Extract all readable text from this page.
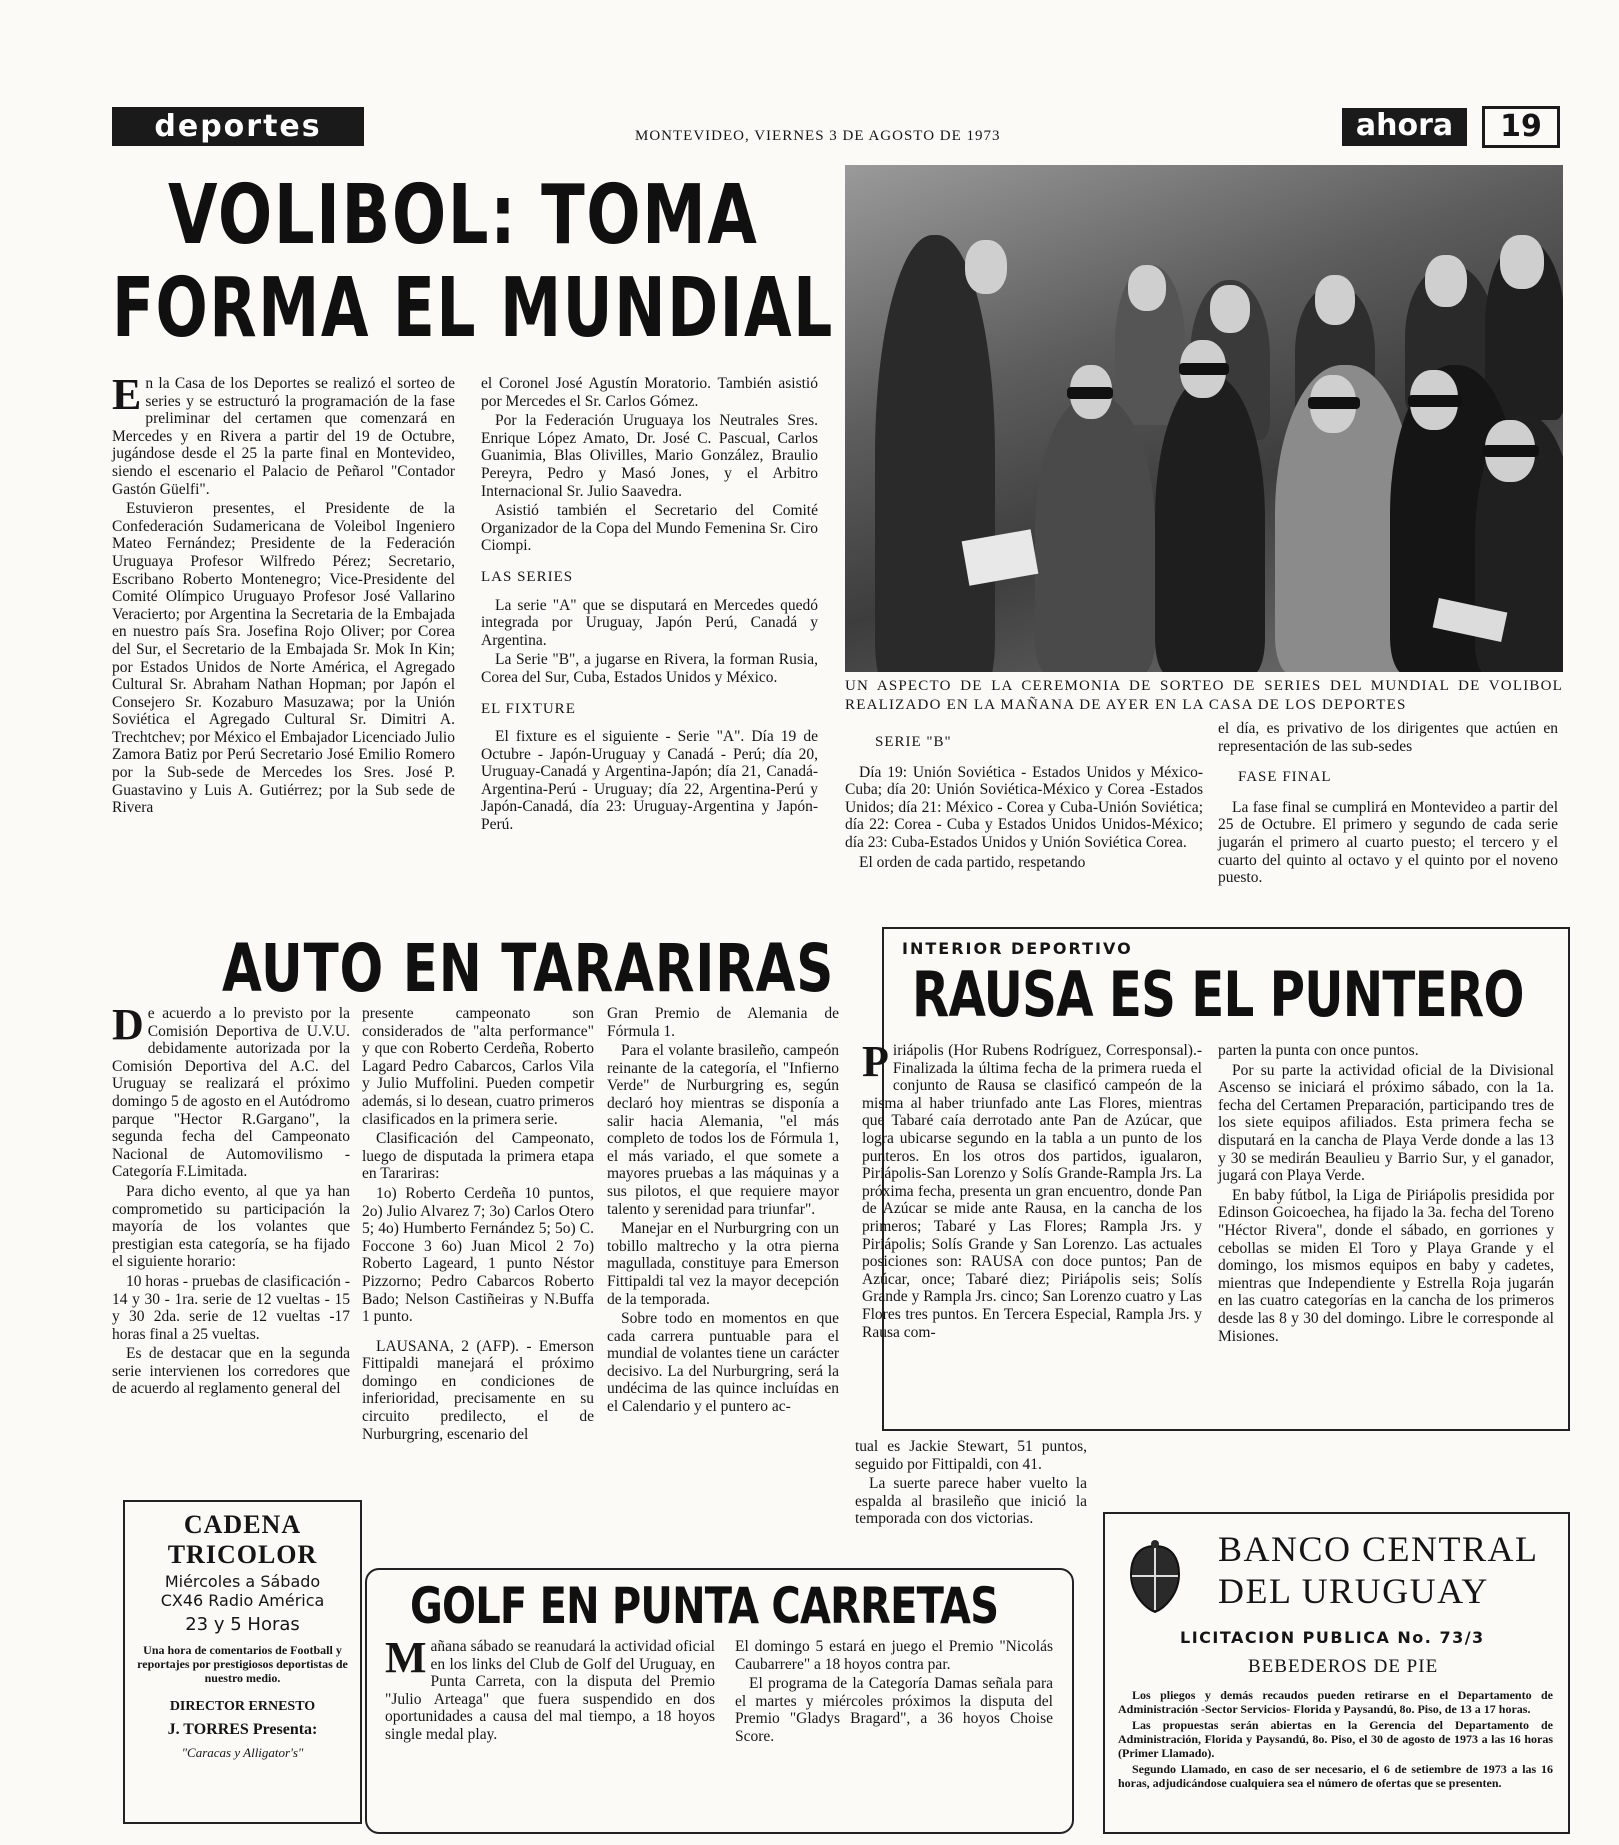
deportes	MONTEVIDEO, VIERNES 3 DE AGOSTO DE 1973	ahora	19
VOLIBOL: TOMA
FORMA EL MUNDIAL
E n la Casa de los Deportes se realizó el sorteo de series y se estructuró la programación de la fase preliminar del certamen que comenzará en Mercedes y en Rivera a partir del 19 de Octubre, jugándose desde el 25 la parte final en Montevideo, siendo el escenario el Palacio de Peñarol "Contador Gastón Güelfi".

Estuvieron presentes, el Presidente de la Confederación Sudamericana de Voleibol Ingeniero Mateo Fernández; Presidente de la Federación Uruguaya Profesor Wilfredo Pérez; Secretario, Escribano Roberto Montenegro; Vice-Presidente del Comité Olímpico Uruguayo Profesor José Vallarino Veracierto; por Argentina la Secretaria de la Embajada en nuestro país Sra. Josefina Rojo Oliver; por Corea del Sur, el Secretario de la Embajada Sr. Mok In Kin; por Estados Unidos de Norte América, el Agregado Cultural Sr. Abraham Nathan Hopman; por Japón el Consejero Sr. Kozaburo Masuzawa; por la Unión Soviética el Agregado Cultural Sr. Dimitri A. Trechtchev; por México el Embajador Licenciado Julio Zamora Batiz por Perú Secretario José Emilio Romero por la Sub-sede de Mercedes los Sres. José P. Guastavino y Luis A. Gutiérrez; por la Sub sede de Rivera

el Coronel José Agustín Moratorio. También asistió por Mercedes el Sr. Carlos Gómez.

Por la Federación Uruguaya los Neutrales Sres. Enrique López Amato, Dr. José C. Pascual, Carlos Guanimia, Blas Olivilles, Mario González, Braulio Pereyra, Pedro y Masó Jones, y el Arbitro Internacional Sr. Julio Saavedra.

Asistió también el Secretario del Comité Organizador de la Copa del Mundo Femenina Sr. Ciro Ciompi.

LAS SERIES

La serie "A" que se disputará en Mercedes quedó integrada por Uruguay, Japón Perú, Canadá y Argentina.

La Serie "B", a jugarse en Rivera, la forman Rusia, Corea del Sur, Cuba, Estados Unidos y México.

EL FIXTURE

El fixture es el siguiente - Serie "A". Día 19 de Octubre - Japón-Uruguay y Canadá - Perú; día 20, Uruguay-Canadá y Argentina-Japón; día 21, Canadá-Argentina-Perú - Uruguay; día 22, Argentina-Perú y Japón-Canadá, día 23: Uruguay-Argentina y Japón-Perú.

UN ASPECTO DE LA CEREMONIA DE SORTEO DE SERIES DEL MUNDIAL DE VOLIBOL REALIZADO EN LA MAÑANA DE AYER EN LA CASA DE LOS DEPORTES
SERIE "B"

Día 19: Unión Soviética - Estados Unidos y México-Cuba; día 20: Unión Soviética-México y Corea -Estados Unidos; día 21: México - Corea y Cuba-Unión Soviética; día 22: Corea - Cuba y Estados Unidos Unidos-México; día 23: Cuba-Estados Unidos y Unión Soviética Corea.

El orden de cada partido, respetando

el día, es privativo de los dirigentes que actúen en representación de las sub-sedes

FASE FINAL

La fase final se cumplirá en Montevideo a partir del 25 de Octubre. El primero y segundo de cada serie jugarán el primero al cuarto puesto; el tercero y el cuarto del quinto al octavo y el quinto por el noveno puesto.

AUTO EN TARARIRAS
D e acuerdo a lo previsto por la Comisión Deportiva de U.V.U. debidamente autorizada por la Comisión Deportiva del A.C. del Uruguay se realizará el próximo domingo 5 de agosto en el Autódromo parque "Hector R.Gargano", la segunda fecha del Campeonato Nacional de Automovilismo -Categoría F.Limitada.

Para dicho evento, al que ya han comprometido su participación la mayoría de los volantes que prestigian esta categoría, se ha fijado el siguiente horario:

10 horas - pruebas de clasificación - 14 y 30 - 1ra. serie de 12 vueltas - 15 y 30 2da. serie de 12 vueltas -17 horas final a 25 vueltas.

Es de destacar que en la segunda serie intervienen los corredores que de acuerdo al reglamento general del

presente campeonato son considerados de "alta performance" y que con Roberto Cerdeña, Roberto Lagard Pedro Cabarcos, Carlos Vila y Julio Muffolini. Pueden competir además, si lo desean, cuatro primeros clasificados en la primera serie.

Clasificación del Campeonato, luego de disputada la primera etapa en Tarariras:

1o) Roberto Cerdeña 10 puntos, 2o) Julio Alvarez 7; 3o) Carlos Otero 5; 4o) Humberto Fernández 5; 5o) C. Foccone 3 6o) Juan Micol 2 7o) Roberto Lageard, 1 punto Néstor Pizzorno; Pedro Cabarcos Roberto Bado; Nelson Castiñeiras y N.Buffa 1 punto.

LAUSANA, 2 (AFP). - Emerson Fittipaldi manejará el próximo domingo en condiciones de inferioridad, precisamente en su circuito predilecto, el de Nurburgring, escenario del

Gran Premio de Alemania de Fórmula 1.

Para el volante brasileño, campeón reinante de la categoría, el "Infierno Verde" de Nurburgring es, según declaró hoy mientras se disponía a salir hacia Alemania, "el más completo de todos los de Fórmula 1, el más variado, el que somete a mayores pruebas a las máquinas y a sus pilotos, el que requiere mayor talento y serenidad para triunfar".

Manejar en el Nurburgring con un tobillo maltrecho y la otra pierna magullada, constituye para Emerson Fittipaldi tal vez la mayor decepción de la temporada.

Sobre todo en momentos en que cada carrera puntuable para el mundial de volantes tiene un carácter decisivo. La del Nurburgring, será la undécima de las quince incluídas en el Calendario y el puntero ac-

tual es Jackie Stewart, 51 puntos, seguido por Fittipaldi, con 41.

La suerte parece haber vuelto la espalda al brasileño que inició la temporada con dos victorias.

INTERIOR DEPORTIVO
RAUSA ES EL PUNTERO
P iriápolis (Hor Rubens Rodríguez, Corresponsal).- Finalizada la última fecha de la primera rueda el conjunto de Rausa se clasificó campeón de la misma al haber triunfado ante Las Flores, mientras que Tabaré caía derrotado ante Pan de Azúcar, que logra ubicarse segundo en la tabla a un punto de los punteros. En los otros dos partidos, igualaron, Piriápolis-San Lorenzo y Solís Grande-Rampla Jrs. La próxima fecha, presenta un gran encuentro, donde Pan de Azúcar se mide ante Rausa, en la cancha de los primeros; Tabaré y Las Flores; Rampla Jrs. y Piriápolis; Solís Grande y San Lorenzo. Las actuales posiciones son: RAUSA con doce puntos; Pan de Azúcar, once; Tabaré diez; Piriápolis seis; Solís Grande y Rampla Jrs. cinco; San Lorenzo cuatro y Las Flores tres puntos. En Tercera Especial, Rampla Jrs. y Rausa com-

parten la punta con once puntos.

Por su parte la actividad oficial de la Divisional Ascenso se iniciará el próximo sábado, con la 1a. fecha del Certamen Preparación, participando tres de los siete equipos afiliados. Esta primera fecha se disputará en la cancha de Playa Verde donde a las 13 y 30 se medirán Beaulieu y Barrio Sur, y el ganador, jugará con Playa Verde.

En baby fútbol, la Liga de Piriápolis presidida por Edinson Goicoechea, ha fijado la 3a. fecha del Toreno "Héctor Rivera", donde el sábado, en gorriones y cebollas se miden El Toro y Playa Grande y el domingo, los mismos equipos en baby y cadetes, mientras que Independiente y Estrella Roja jugarán en las cuatro categorías en la cancha de los primeros desde las 8 y 30 del domingo. Libre le corresponde al Misiones.

CADENA
TRICOLOR
Miércoles a Sábado
CX46 Radio América
23 y 5 Horas
Una hora de comentarios de Football y reportajes por prestigiosos deportistas de nuestro medio.
DIRECTOR ERNESTO
J. TORRES Presenta:
"Caracas y Alligator's"
GOLF EN PUNTA CARRETAS
M añana sábado se reanudará la actividad oficial en los links del Club de Golf del Uruguay, en Punta Carreta, con la disputa del Premio "Julio Arteaga" que fuera suspendido en dos oportunidades a causa del mal tiempo, a 18 hoyos single medal play.

El domingo 5 estará en juego el Premio "Nicolás Caubarrere" a 18 hoyos contra par.

El programa de la Categoría Damas señala para el martes y miércoles próximos la disputa del Premio "Gladys Bragard", a 36 hoyos Choise Score.

BANCO CENTRAL
DEL URUGUAY
LICITACION PUBLICA No. 73/3
BEBEDEROS DE PIE

Los pliegos y demás recaudos pueden retirarse en el Departamento de Administración -Sector Servicios- Florida y Paysandú, 8o. Piso, de 13 a 17 horas.

Las propuestas serán abiertas en la Gerencia del Departamento de Administración, Florida y Paysandú, 8o. Piso, el 30 de agosto de 1973 a las 16 horas (Primer Llamado).

Segundo Llamado, en caso de ser necesario, el 6 de setiembre de 1973 a las 16 horas, adjudicándose cualquiera sea el número de ofertas que se presenten.
